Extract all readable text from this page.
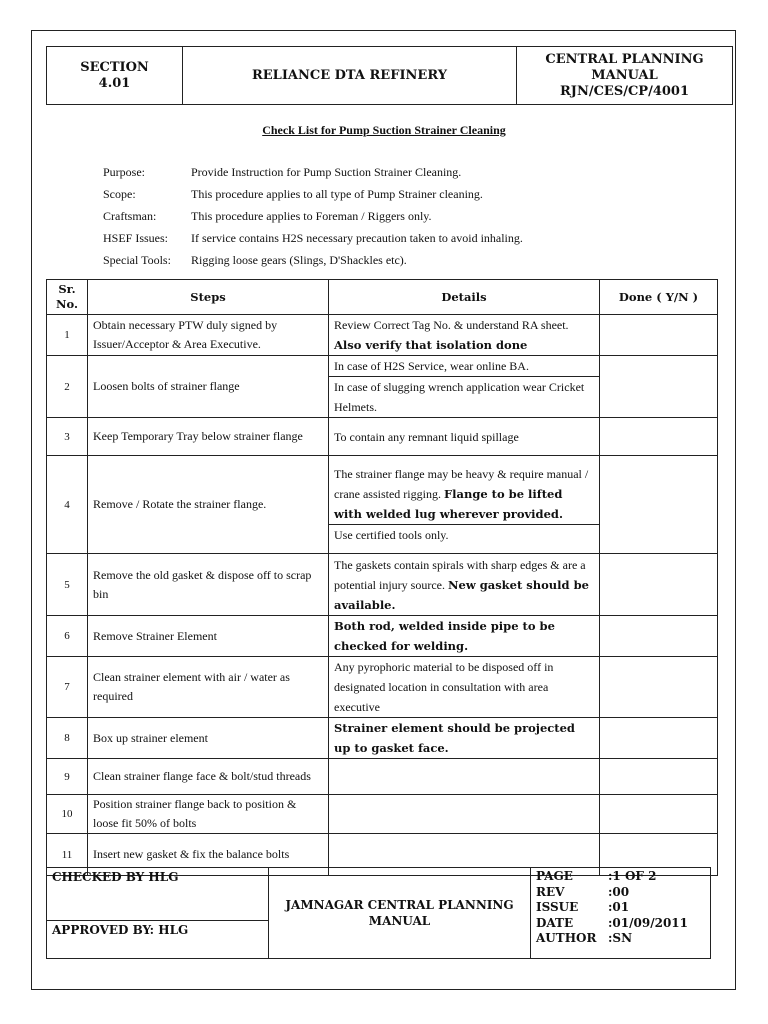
SECTION
4.01
	RELIANCE DTA REFINERY	
CENTRAL PLANNING
MANUAL
RJN/CES/CP/4001
Check List for Pump Suction Strainer Cleaning
Purpose:	Provide Instruction for Pump Suction Strainer Cleaning.
Scope:	This procedure applies to all type of Pump Strainer cleaning.
Craftsman:	This procedure applies to Foreman / Riggers only.
HSEF Issues:	If service contains H2S necessary precaution taken to avoid inhaling.
Special Tools:	Rigging loose gears (Slings, D'Shackles etc).
Sr. No.	Steps	Details	Done ( Y/N )
1	Obtain necessary PTW duly signed by Issuer/Acceptor & Area Executive.	Review Correct Tag No. & understand RA sheet. Also verify that isolation done	

2	Loosen bolts of strainer flange	In case of H2S Service, wear online BA.
In case of slugging wrench application wear Cricket Helmets.	

3	Keep Temporary Tray below strainer flange	To contain any remnant liquid spillage	

4	Remove / Rotate the strainer flange.	The strainer flange may be heavy & require manual / crane assisted rigging. Flange to be lifted with welded lug wherever provided.
Use certified tools only.	

5	Remove the old gasket & dispose off to scrap bin	The gaskets contain spirals with sharp edges & are a potential injury source. New gasket should be available.	

6	Remove Strainer Element	Both rod, welded inside pipe to be checked for welding.	

7	Clean strainer element with air / water as required	Any pyrophoric material to be disposed off in designated location in consultation with area executive	

8	Box up strainer element	Strainer element should be projected up to gasket face.	

9	Clean strainer flange face & bolt/stud threads		
10	Position strainer flange back to position & loose fit 50% of bolts		
11	Insert new gasket & fix the balance bolts		
CHECKED BY HLG
APPROVED BY: HLG

JAMNAGAR CENTRAL PLANNING
MANUAL

PAGE	:1 OF 2
REV	:00
ISSUE	:01
DATE	:01/09/2011
AUTHOR :SN
